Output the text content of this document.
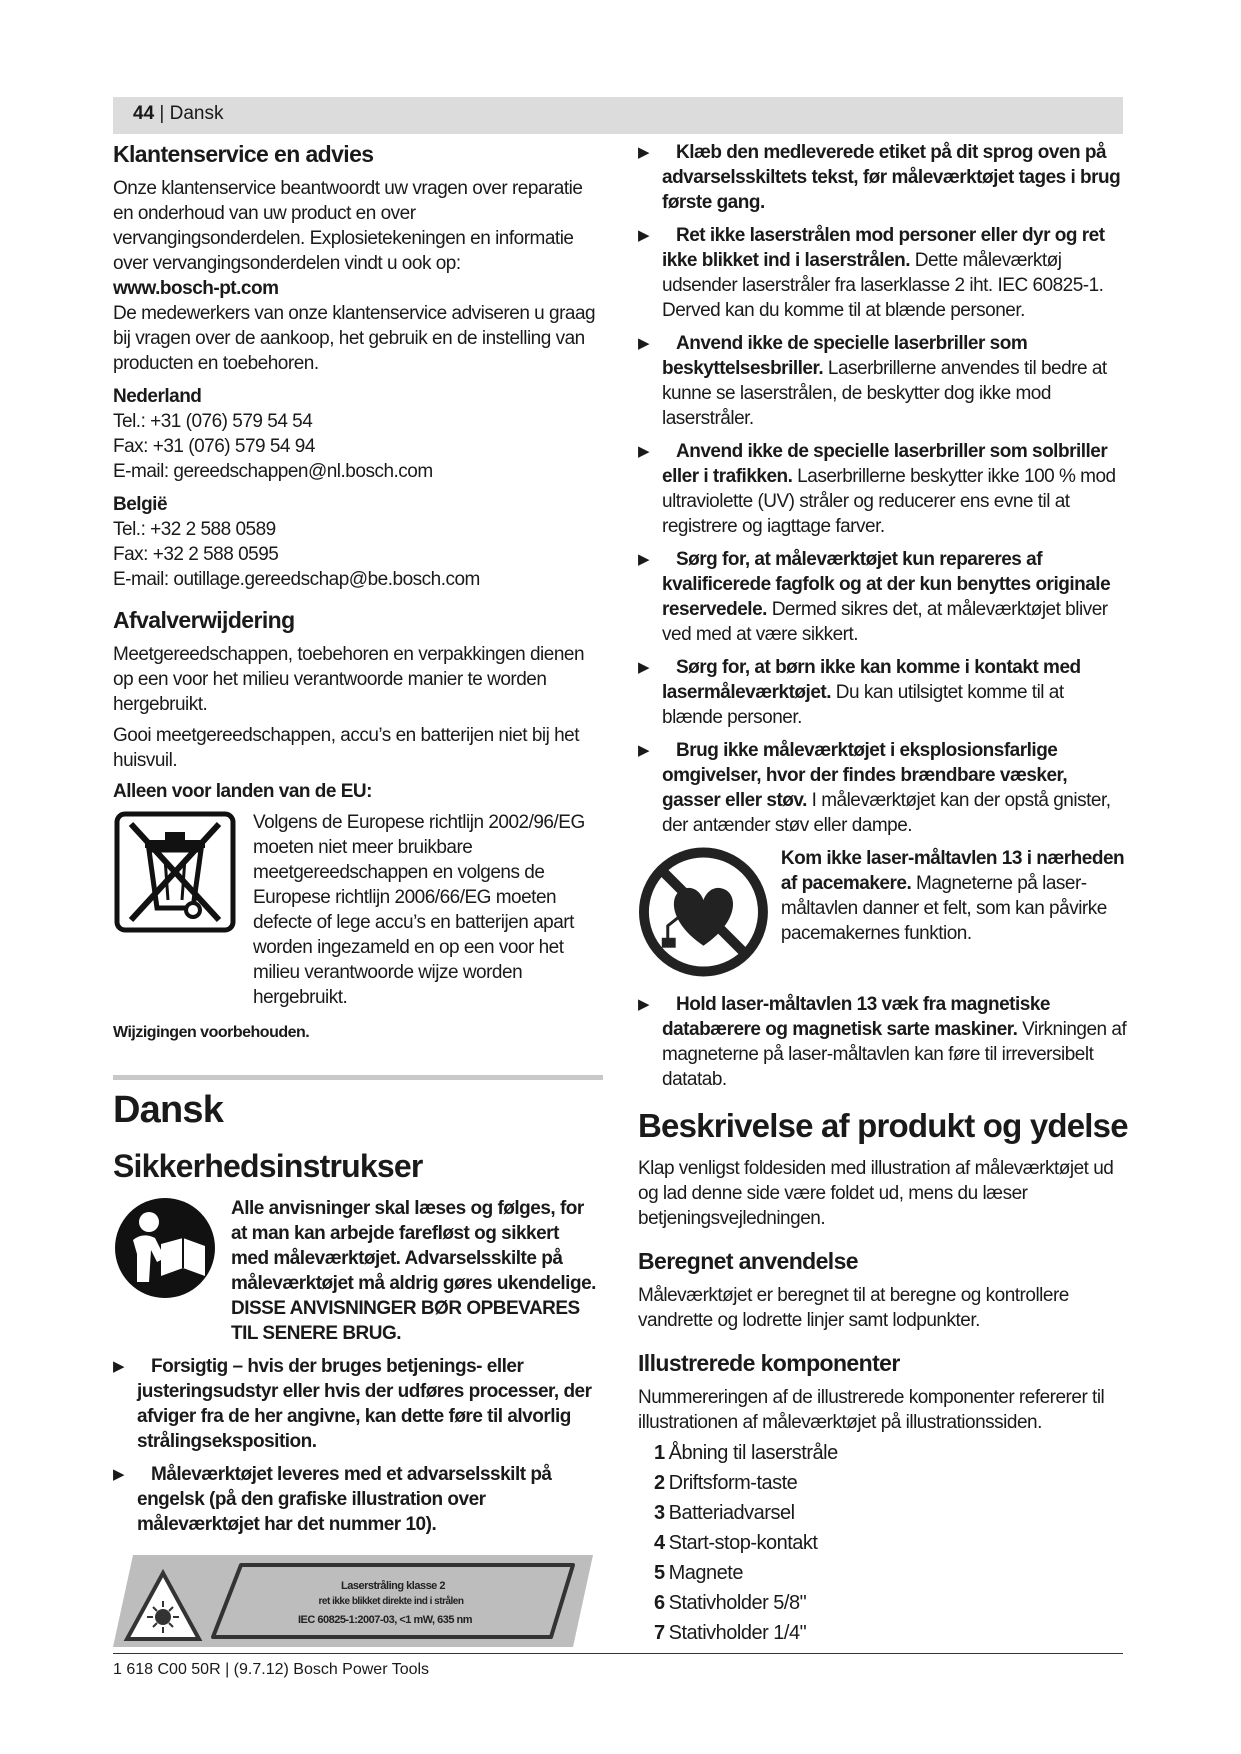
44 | Dansk
Klantenservice en advies

Onze klantenservice beantwoordt uw vragen over reparatie en onderhoud van uw product en over vervangingsonderdelen. Explosietekeningen en informatie over vervangingsonderdelen vindt u ook op:

www.bosch-pt.com

De medewerkers van onze klantenservice adviseren u graag bij vragen over de aankoop, het gebruik en de instelling van producten en toebehoren.

Nederland
Tel.: +31 (076) 579 54 54
Fax: +31 (076) 579 54 94
E-mail: gereedschappen@nl.bosch.com
België
Tel.: +32 2 588 0589
Fax: +32 2 588 0595
E-mail: outillage.gereedschap@be.bosch.com
Afvalverwijdering

Meetgereedschappen, toebehoren en verpakkingen dienen op een voor het milieu verantwoorde manier te worden hergebruikt.

Gooi meetgereedschappen, accu’s en batterijen niet bij het huisvuil.

Alleen voor landen van de EU:
Volgens de Europese richtlijn 2002/96/EG moeten niet meer bruikbare meetgereedschappen en volgens de Europese richtlijn 2006/66/EG moeten defecte of lege accu’s en batterijen apart worden ingezameld en op een voor het milieu verantwoorde wijze worden hergebruikt.
Wijzigingen voorbehouden.
Dansk
Sikkerhedsinstrukser
Alle anvisninger skal læses og følges, for at man kan arbejde farefløst og sikkert med måleværktøjet. Advarselsskilte på måleværktøjet må aldrig gøres ukendelige. DISSE ANVISNINGER BØR OPBEVARES TIL SENERE BRUG.
▶ Forsigtig – hvis der bruges betjenings- eller justeringsudstyr eller hvis der udføres processer, der afviger fra de her angivne, kan dette føre til alvorlig strålingseksposition.
▶ Måleværktøjet leveres med et advarselsskilt på engelsk (på den grafiske illustration over måleværktøjet har det nummer 10).
Laserstråling klasse 2
ret ikke blikket direkte ind i strålen
IEC 60825-1:2007-03, <1 mW, 635 nm
▶ Klæb den medleverede etiket på dit sprog oven på advarselsskiltets tekst, før måleværktøjet tages i brug første gang.
▶ Ret ikke laserstrålen mod personer eller dyr og ret ikke blikket ind i laserstrålen. Dette måleværktøj udsender laserstråler fra laserklasse 2 iht. IEC 60825-1. Derved kan du komme til at blænde personer.
▶ Anvend ikke de specielle laserbriller som beskyttelsesbriller. Laserbrillerne anvendes til bedre at kunne se laserstrålen, de beskytter dog ikke mod laserstråler.
▶ Anvend ikke de specielle laserbriller som solbriller eller i trafikken. Laserbrillerne beskytter ikke 100 % mod ultraviolette (UV) stråler og reducerer ens evne til at registrere og iagttage farver.
▶ Sørg for, at måleværktøjet kun repareres af kvalificerede fagfolk og at der kun benyttes originale reservedele. Dermed sikres det, at måleværktøjet bliver ved med at være sikkert.
▶ Sørg for, at børn ikke kan komme i kontakt med lasermåleværktøjet. Du kan utilsigtet komme til at blænde personer.
▶ Brug ikke måleværktøjet i eksplosionsfarlige omgivelser, hvor der findes brændbare væsker, gasser eller støv. I måleværktøjet kan der opstå gnister, der antænder støv eller dampe.
Kom ikke laser-måltavlen 13 i nærheden af pacemakere. Magneterne på laser-måltavlen danner et felt, som kan påvirke pacemakernes funktion.
▶ Hold laser-måltavlen 13 væk fra magnetiske databærere og magnetisk sarte maskiner. Virkningen af magneterne på laser-måltavlen kan føre til irreversibelt datatab.
Beskrivelse af produkt og ydelse

Klap venligst foldesiden med illustration af måleværktøjet ud og lad denne side være foldet ud, mens du læser betjeningsvejledningen.

Beregnet anvendelse

Måleværktøjet er beregnet til at beregne og kontrollere vandrette og lodrette linjer samt lodpunkter.

Illustrerede komponenter

Nummereringen af de illustrerede komponenter refererer til illustrationen af måleværktøjet på illustrationssiden.

1 Åbning til laserstråle
2 Driftsform-taste
3 Batteriadvarsel
4 Start-stop-kontakt
5 Magnete
6 Stativholder 5/8"
7 Stativholder 1/4"
1 618 C00 50R | (9.7.12) Bosch Power Tools
